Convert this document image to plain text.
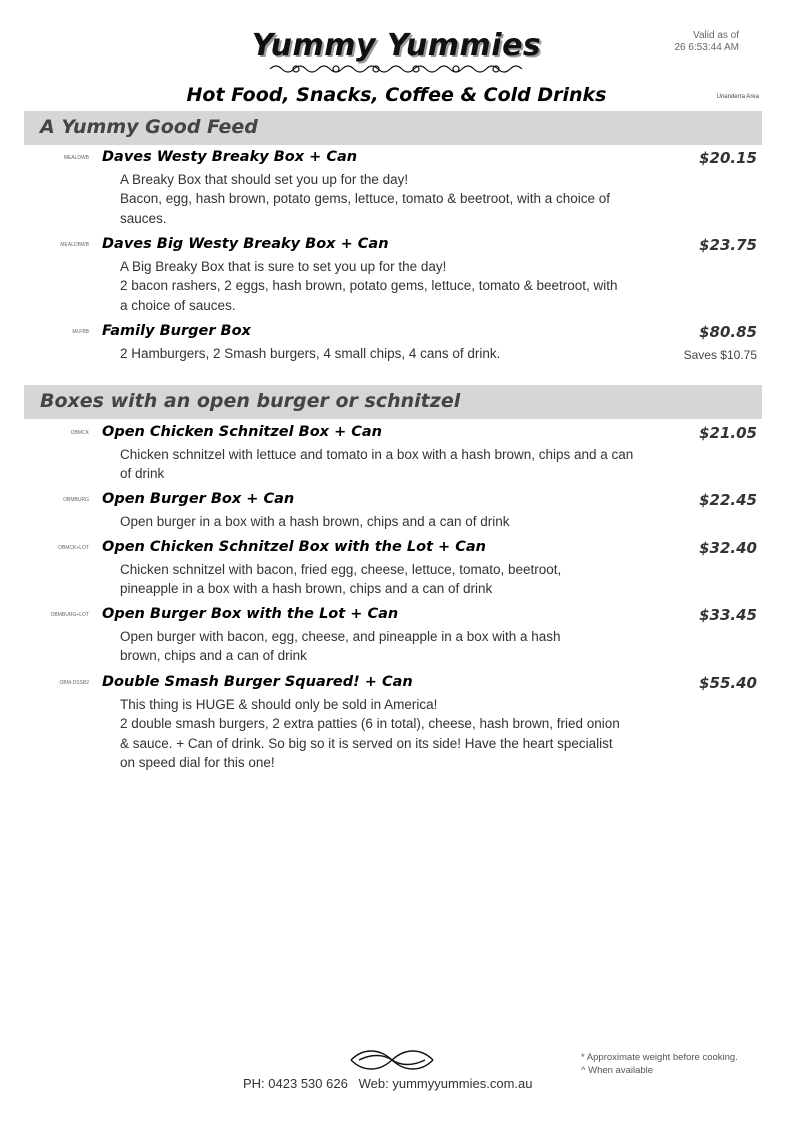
Yummy Yummies	Valid as of
26 6:53:44 AM
Hot Food, Snacks, Coffee & Cold Drinks	Unanderra Area
A Yummy Good Feed
MEALDWB Daves Westy Breaky Box + Can	$20.15

A Breaky Box that should set you up for the day!

Bacon, egg, hash brown, potato gems, lettuce, tomato & beetroot, with a choice of sauces.

MEALDBWB Daves Big Westy Breaky Box + Can	$23.75

A Big Breaky Box that is sure to set you up for the day!

2 bacon rashers, 2 eggs, hash brown, potato gems, lettuce, tomato & beetroot, with a choice of sauces.

MLFBB Family Burger Box	$80.85
Saves $10.75

2 Hamburgers, 2 Smash burgers, 4 small chips, 4 cans of drink.

Boxes with an open burger or schnitzel
OBMCK Open Chicken Schnitzel Box + Can	$21.05

Chicken schnitzel with lettuce and tomato in a box with a hash brown, chips and a can of drink

OBMBURG Open Burger Box + Can	$22.45

Open burger in a box with a hash brown, chips and a can of drink

OBMCK+LOT Open Chicken Schnitzel Box with the Lot + Can	$32.40

Chicken schnitzel with bacon, fried egg, cheese, lettuce, tomato, beetroot, pineapple in a box with a hash brown, chips and a can of drink

OBMBURG+LOT Open Burger Box with the Lot + Can	$33.45

Open burger with bacon, egg, cheese, and pineapple in a box with a hash brown, chips and a can of drink

OBM-DSSB2 Double Smash Burger Squared! + Can	$55.40

This thing is HUGE & should only be sold in America!

2 double smash burgers, 2 extra patties (6 in total), cheese, hash brown, fried onion & sauce. + Can of drink. So big so it is served on its side! Have the heart specialist on speed dial for this one!

* Approximate weight before cooking.
^ When available
PH: 0423 530 626   Web: yummyyummies.com.au
